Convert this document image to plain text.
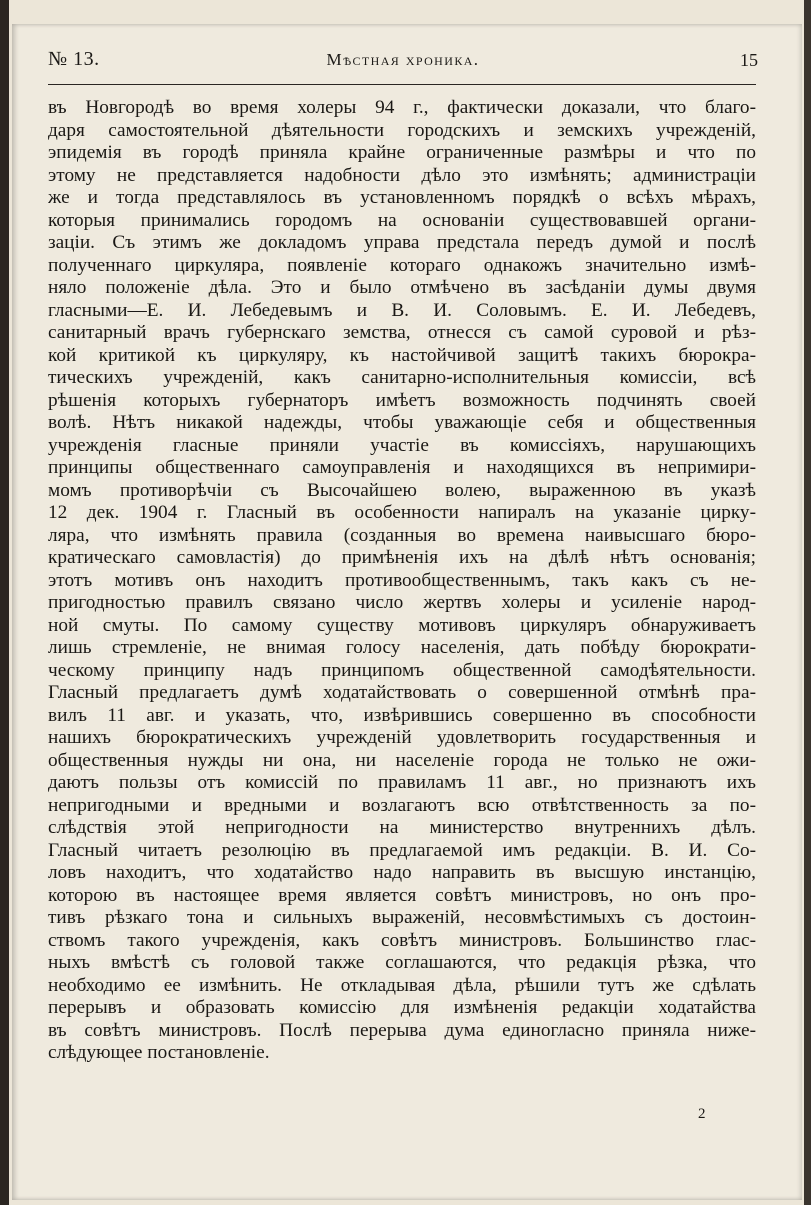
№ 13.	Мѣстная хроника.	15
въ Новгородѣ во время холеры 94 г., фактически доказали, что благо-
даря самостоятельной дѣятельности городскихъ и земскихъ учрежденій,
эпидемія въ городѣ приняла крайне ограниченные размѣры и что по
этому не представляется надобности дѣло это измѣнять; администраціи
же и тогда представлялось въ установленномъ порядкѣ о всѣхъ мѣрахъ,
которыя принимались городомъ на основаніи существовавшей органи-
заціи. Съ этимъ же докладомъ управа предстала передъ думой и послѣ
полученнаго циркуляра, появленіе котораго однакожъ значительно измѣ-
няло положеніе дѣла. Это и было отмѣчено въ засѣданіи думы двумя
гласными—Е. И. Лебедевымъ и В. И. Соловымъ. Е. И. Лебедевъ,
санитарный врачъ губернскаго земства, отнесся съ самой суровой и рѣз-
кой критикой къ циркуляру, къ настойчивой защитѣ такихъ бюрокра-
тическихъ учрежденій, какъ санитарно-исполнительныя комиссіи, всѣ
рѣшенія которыхъ губернаторъ имѣетъ возможность подчинять своей
волѣ. Нѣтъ никакой надежды, чтобы уважающіе себя и общественныя
учрежденія гласные приняли участіе въ комиссіяхъ, нарушающихъ
принципы общественнаго самоуправленія и находящихся въ непримири-
момъ противорѣчіи съ Высочайшею волею, выраженною въ указѣ
12 дек. 1904 г. Гласный въ особенности напиралъ на указаніе цирку-
ляра, что измѣнять правила (созданныя во времена наивысшаго бюро-
кратическаго самовластія) до примѣненія ихъ на дѣлѣ нѣтъ основанія;
этотъ мотивъ онъ находитъ противообщественнымъ, такъ какъ съ не-
пригодностью правилъ связано число жертвъ холеры и усиленіе народ-
ной смуты. По самому существу мотивовъ циркуляръ обнаруживаетъ
лишь стремленіе, не внимая голосу населенія, дать побѣду бюрократи-
ческому принципу надъ принципомъ общественной самодѣятельности.
Гласный предлагаетъ думѣ ходатайствовать о совершенной отмѣнѣ пра-
вилъ 11 авг. и указать, что, извѣрившись совершенно въ способности
нашихъ бюрократическихъ учрежденій удовлетворить государственныя и
общественныя нужды ни она, ни населеніе города не только не ожи-
даютъ пользы отъ комиссій по правиламъ 11 авг., но признаютъ ихъ
непригодными и вредными и возлагаютъ всю отвѣтственность за по-
слѣдствія этой непригодности на министерство внутреннихъ дѣлъ.
Гласный читаетъ резолюцію въ предлагаемой имъ редакціи. В. И. Со-
ловъ находитъ, что ходатайство надо направить въ высшую инстанцію,
которою въ настоящее время является совѣтъ министровъ, но онъ про-
тивъ рѣзкаго тона и сильныхъ выраженій, несовмѣстимыхъ съ достоин-
ствомъ такого учрежденія, какъ совѣтъ министровъ. Большинство глас-
ныхъ вмѣстѣ съ головой также соглашаются, что редакція рѣзка, что
необходимо ее измѣнить. Не откладывая дѣла, рѣшили тутъ же сдѣлать
перерывъ и образовать комиссію для измѣненія редакціи ходатайства
въ совѣтъ министровъ. Послѣ перерыва дума единогласно приняла ниже-
слѣдующее постановленіе.
2
